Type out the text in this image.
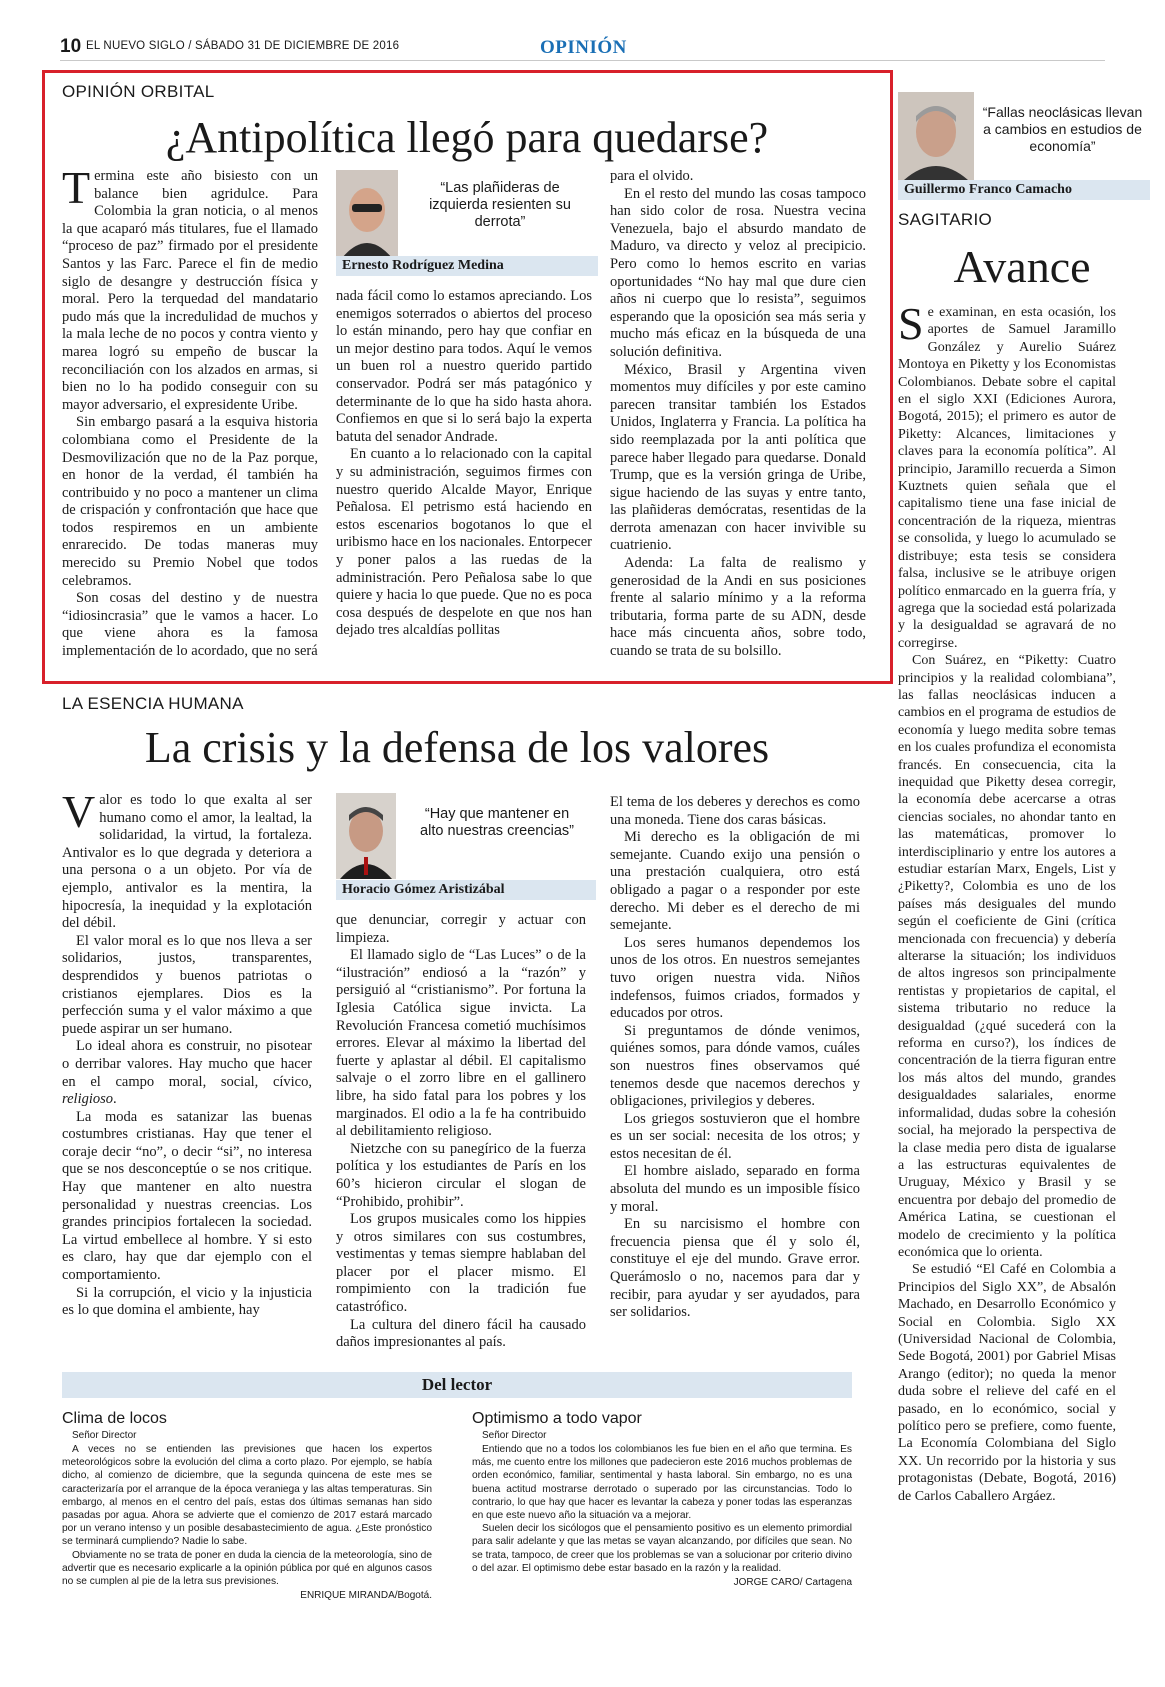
10 EL NUEVO SIGLO / SÁBADO 31 DE DICIEMBRE DE 2016	OPINIÓN
OPINIÓN ORBITAL
¿Antipolítica llegó para quedarse?

Termina este año bisiesto con un balance bien agridulce. Para Colombia la gran noticia, o al menos la que acaparó más titulares, fue el llamado “proceso de paz” firmado por el presidente Santos y las Farc. Parece el fin de medio siglo de desangre y destrucción física y moral. Pero la terquedad del mandatario pudo más que la incredulidad de muchos y la mala leche de no pocos y contra viento y marea logró su empeño de buscar la reconciliación con los alzados en armas, si bien no lo ha podido conseguir con su mayor adversario, el expresidente Uribe.

Sin embargo pasará a la esquiva historia colombiana como el Presidente de la Desmovilización que no de la Paz porque, en honor de la verdad, él también ha contribuido y no poco a mantener un clima de crispación y confrontación que hace que todos respiremos en un ambiente enrarecido. De todas maneras muy merecido su Premio Nobel que todos celebramos.

Son cosas del destino y de nuestra “idiosincrasia” que le vamos a hacer. Lo que viene ahora es la famosa implementación de lo acordado, que no será

“Las plañideras de izquierda resienten su derrota”
Ernesto Rodríguez Medina

nada fácil como lo estamos apreciando. Los enemigos soterrados o abiertos del proceso lo están minando, pero hay que confiar en un mejor destino para todos. Aquí le vemos un buen rol a nuestro querido partido conservador. Podrá ser más patagónico y determinante de lo que ha sido hasta ahora. Confiemos en que si lo será bajo la experta batuta del senador Andrade.

En cuanto a lo relacionado con la capital y su administración, seguimos firmes con nuestro querido Alcalde Mayor, Enrique Peñalosa. El petrismo está haciendo en estos escenarios bogotanos lo que el uribismo hace en los nacionales. Entorpecer y poner palos a las ruedas de la administración. Pero Peñalosa sabe lo que quiere y hacia lo que puede. Que no es poca cosa después de despelote en que nos han dejado tres alcaldías pollitas

para el olvido.

En el resto del mundo las cosas tampoco han sido color de rosa. Nuestra vecina Venezuela, bajo el absurdo mandato de Maduro, va directo y veloz al precipicio. Pero como lo hemos escrito en varias oportunidades “No hay mal que dure cien años ni cuerpo que lo resista”, seguimos esperando que la oposición sea más seria y mucho más eficaz en la búsqueda de una solución definitiva.

México, Brasil y Argentina viven momentos muy difíciles y por este camino parecen transitar también los Estados Unidos, Inglaterra y Francia. La política ha sido reemplazada por la anti política que parece haber llegado para quedarse. Donald Trump, que es la versión gringa de Uribe, sigue haciendo de las suyas y entre tanto, las plañideras demócratas, resentidas de la derrota amenazan con hacer invivible su cuatrienio.

Adenda: La falta de realismo y generosidad de la Andi en sus posiciones frente al salario mínimo y a la reforma tributaria, forma parte de su ADN, desde hace más cincuenta años, sobre todo, cuando se trata de su bolsillo.

LA ESENCIA HUMANA
La crisis y la defensa de los valores

Valor es todo lo que exalta al ser humano como el amor, la lealtad, la solidaridad, la virtud, la fortaleza. Antivalor es lo que degrada y deteriora a una persona o a un objeto. Por vía de ejemplo, antivalor es la mentira, la hipocresía, la inequidad y la explotación del débil.

El valor moral es lo que nos lleva a ser solidarios, justos, transparentes, desprendidos y buenos patriotas o cristianos ejemplares. Dios es la perfección suma y el valor máximo a que puede aspirar un ser humano.

Lo ideal ahora es construir, no pisotear o derribar valores. Hay mucho que hacer en el campo moral, social, cívico, religioso.

La moda es satanizar las buenas costumbres cristianas. Hay que tener el coraje decir “no”, o decir “si”, no interesa que se nos desconceptúe o se nos critique. Hay que mantener en alto nuestra personalidad y nuestras creencias. Los grandes principios fortalecen la sociedad. La virtud embellece al hombre. Y si esto es claro, hay que dar ejemplo con el comportamiento.

Si la corrupción, el vicio y la injusticia es lo que domina el ambiente, hay

“Hay que mantener en alto nuestras creencias”
Horacio Gómez Aristizábal

que denunciar, corregir y actuar con limpieza.

El llamado siglo de “Las Luces” o de la “ilustración” endiosó a la “razón” y persiguió al “cristianismo”. Por fortuna la Iglesia Católica sigue invicta. La Revolución Francesa cometió muchísimos errores. Elevar al máximo la libertad del fuerte y aplastar al débil. El capitalismo salvaje o el zorro libre en el gallinero libre, ha sido fatal para los pobres y los marginados. El odio a la fe ha contribuido al debilitamiento religioso.

Nietzche con su panegírico de la fuerza política y los estudiantes de París en los 60’s hicieron circular el slogan de “Prohibido, prohibir”.

Los grupos musicales como los hippies y otros similares con sus costumbres, vestimentas y temas siempre hablaban del placer por el placer mismo. El rompimiento con la tradición fue catastrófico.

La cultura del dinero fácil ha causado daños impresionantes al país.

El tema de los deberes y derechos es como una moneda. Tiene dos caras básicas.

Mi derecho es la obligación de mi semejante. Cuando exijo una pensión o una prestación cualquiera, otro está obligado a pagar o a responder por este derecho. Mi deber es el derecho de mi semejante.

Los seres humanos dependemos los unos de los otros. En nuestros semejantes tuvo origen nuestra vida. Niños indefensos, fuimos criados, formados y educados por otros.

Si preguntamos de dónde venimos, quiénes somos, para dónde vamos, cuáles son nuestros fines observamos qué tenemos desde que nacemos derechos y obligaciones, privilegios y deberes.

Los griegos sostuvieron que el hombre es un ser social: necesita de los otros; y estos necesitan de él.

El hombre aislado, separado en forma absoluta del mundo es un imposible físico y moral.

En su narcisismo el hombre con frecuencia piensa que él y solo él, constituye el eje del mundo. Grave error. Querámoslo o no, nacemos para dar y recibir, para ayudar y ser ayudados, para ser solidarios.

“Fallas neoclásicas llevan a cambios en estudios de economía”
Guillermo Franco Camacho
SAGITARIO
Avance

Se examinan, en esta ocasión, los aportes de Samuel Jaramillo González y Aurelio Suárez Montoya en Piketty y los Economistas Colombianos. Debate sobre el capital en el siglo XXI (Ediciones Aurora, Bogotá, 2015); el primero es autor de Piketty: Alcances, limitaciones y claves para la economía política”. Al principio, Jaramillo recuerda a Simon Kuztnets quien señala que el capitalismo tiene una fase inicial de concentración de la riqueza, mientras se consolida, y luego lo acumulado se distribuye; esta tesis se considera falsa, inclusive se le atribuye origen político enmarcado en la guerra fría, y agrega que la sociedad está polarizada y la desigualdad se agravará de no corregirse.

Con Suárez, en “Piketty: Cuatro principios y la realidad colombiana”, las fallas neoclásicas inducen a cambios en el programa de estudios de economía y luego medita sobre temas en los cuales profundiza el economista francés. En consecuencia, cita la inequidad que Piketty desea corregir, la economía debe acercarse a otras ciencias sociales, no ahondar tanto en las matemáticas, promover lo interdisciplinario y entre los autores a estudiar estarían Marx, Engels, List y ¿Piketty?, Colombia es uno de los países más desiguales del mundo según el coeficiente de Gini (crítica mencionada con frecuencia) y debería alterarse la situación; los individuos de altos ingresos son principalmente rentistas y propietarios de capital, el sistema tributario no reduce la desigualdad (¿qué sucederá con la reforma en curso?), los índices de concentración de la tierra figuran entre los más altos del mundo, grandes desigualdades salariales, enorme informalidad, dudas sobre la cohesión social, ha mejorado la perspectiva de la clase media pero dista de igualarse a las estructuras equivalentes de Uruguay, México y Brasil y se encuentra por debajo del promedio de América Latina, se cuestionan el modelo de crecimiento y la política económica que lo orienta.

Se estudió “El Café en Colombia a Principios del Siglo XX”, de Absalón Machado, en Desarrollo Económico y Social en Colombia. Siglo XX (Universidad Nacional de Colombia, Sede Bogotá, 2001) por Gabriel Misas Arango (editor); no queda la menor duda sobre el relieve del café en el pasado, en lo económico, social y político pero se prefiere, como fuente, La Economía Colombiana del Siglo XX. Un recorrido por la historia y sus protagonistas (Debate, Bogotá, 2016) de Carlos Caballero Argáez.

Del lector
Clima de locos
Señor Director

A veces no se entienden las previsiones que hacen los expertos meteorológicos sobre la evolución del clima a corto plazo. Por ejemplo, se había dicho, al comienzo de diciembre, que la segunda quincena de este mes se caracterizaría por el arranque de la época veraniega y las altas temperaturas. Sin embargo, al menos en el centro del país, estas dos últimas semanas han sido pasadas por agua. Ahora se advierte que el comienzo de 2017 estará marcado por un verano intenso y un posible desabastecimiento de agua. ¿Este pronóstico se terminará cumpliendo? Nadie lo sabe.

Obviamente no se trata de poner en duda la ciencia de la meteorología, sino de advertir que es necesario explicarle a la opinión pública por qué en algunos casos no se cumplen al pie de la letra sus previsiones.

ENRIQUE MIRANDA/Bogotá.
Optimismo a todo vapor
Señor Director

Entiendo que no a todos los colombianos les fue bien en el año que termina. Es más, me cuento entre los millones que padecieron este 2016 muchos problemas de orden económico, familiar, sentimental y hasta laboral. Sin embargo, no es una buena actitud mostrarse derrotado o superado por las circunstancias. Todo lo contrario, lo que hay que hacer es levantar la cabeza y poner todas las esperanzas en que este nuevo año la situación va a mejorar.

Suelen decir los sicólogos que el pensamiento positivo es un elemento primordial para salir adelante y que las metas se vayan alcanzando, por difíciles que sean. No se trata, tampoco, de creer que los problemas se van a solucionar por criterio divino o del azar. El optimismo debe estar basado en la razón y la realidad.

JORGE CARO/ Cartagena
